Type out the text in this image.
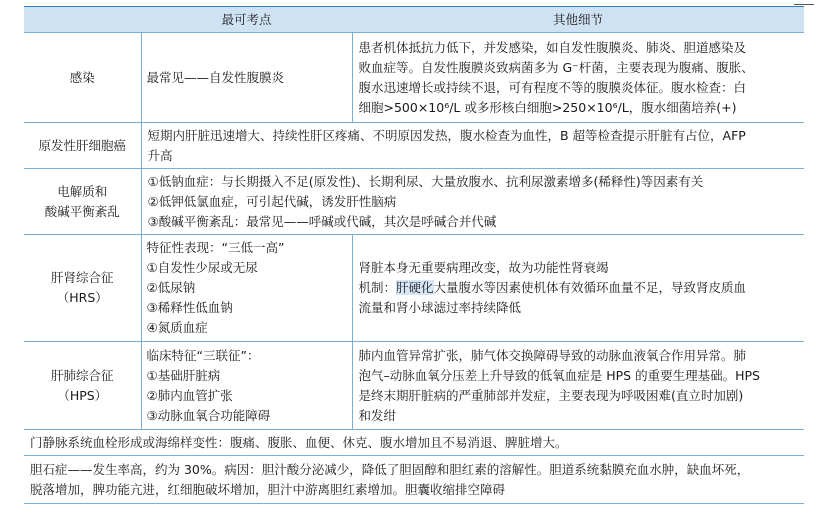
	最可考点	其他细节
感染	最常见——自发性腹膜炎	患者机体抵抗力低下，并发感染，如自发性腹膜炎、肺炎、胆道感染及
败血症等。自发性腹膜炎致病菌多为 G⁻杆菌，主要表现为腹痛、腹胀、
腹水迅速增长或持续不退，可有程度不等的腹膜炎体征。腹水检查：白
细胞>500×10⁶/L 或多形核白细胞>250×10⁶/L，腹水细菌培养(+)

原发性肝细胞癌	短期内肝脏迅速增大、持续性肝区疼痛、不明原因发热，腹水检查为血性，B 超等检查提示肝脏有占位，AFP
升高	

电解质和
酸碱平衡紊乱	①低钠血症：与长期摄入不足(原发性)、长期利尿、大量放腹水、抗利尿激素增多(稀释性)等因素有关
②低钾低氯血症，可引起代碱，诱发肝性脑病
③酸碱平衡紊乱：最常见——呼碱或代碱，其次是呼碱合并代碱	

肝肾综合征
（HRS）	特征性表现：“三低一高”
①自发性少尿或无尿
②低尿钠
③稀释性低血钠
④氮质血症	肾脏本身无重要病理改变，故为功能性肾衰竭
机制：肝硬化大量腹水等因素使机体有效循环血量不足，导致肾皮质血
流量和肾小球滤过率持续降低

肝肺综合征
（HPS）	临床特征“三联征”：
①基础肝脏病
②肺内血管扩张
③动脉血氧合功能障碍	肺内血管异常扩张，肺气体交换障碍导致的动脉血液氧合作用异常。肺
泡气–动脉血氧分压差上升导致的低氧血症是 HPS 的重要生理基础。HPS
是终末期肝脏病的严重肺部并发症，主要表现为呼吸困难(直立时加剧)
和发绀

门静脉系统血栓形成或海绵样变性：腹痛、腹胀、血便、休克、腹水增加且不易消退、脾脏增大。		

胆石症——发生率高，约为 30%。病因：胆汁酸分泌减少，降低了胆固醇和胆红素的溶解性。胆道系统黏膜充血水肿，缺血坏死，
脱落增加，脾功能亢进，红细胞破坏增加，胆汁中游离胆红素增加。胆囊收缩排空障碍		
